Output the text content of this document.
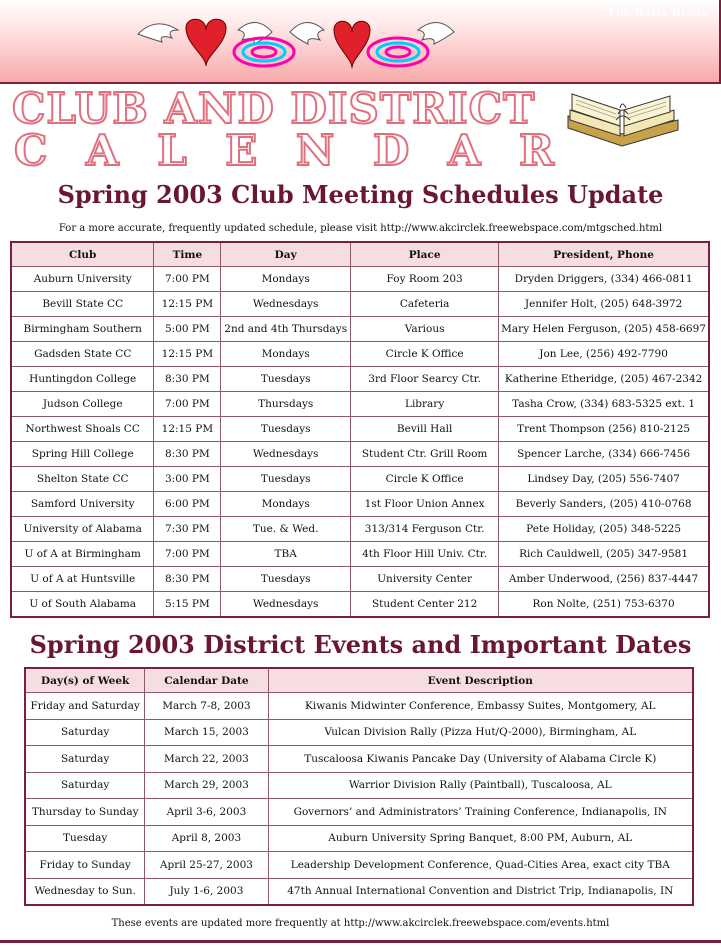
The Bama Bugle
CLUB AND DISTRICT
C A L E N D A R
Spring 2003 Club Meeting Schedules Update
For a more accurate, frequently updated schedule, please visit http://www.akcirclek.freewebspace.com/mtgsched.html
Club	Time	Day	Place	President, Phone
Auburn University	7:00 PM	Mondays	Foy Room 203	Dryden Driggers, (334) 466-0811
Bevill State CC	12:15 PM	Wednesdays	Cafeteria	Jennifer Holt, (205) 648-3972
Birmingham Southern	5:00 PM	2nd and 4th Thursdays	Various	Mary Helen Ferguson, (205) 458-6697
Gadsden State CC	12:15 PM	Mondays	Circle K Office	Jon Lee, (256) 492-7790
Huntingdon College	8:30 PM	Tuesdays	3rd Floor Searcy Ctr.	Katherine Etheridge, (205) 467-2342
Judson College	7:00 PM	Thursdays	Library	Tasha Crow, (334) 683-5325 ext. 1
Northwest Shoals CC	12:15 PM	Tuesdays	Bevill Hall	Trent Thompson (256) 810-2125
Spring Hill College	8:30 PM	Wednesdays	Student Ctr. Grill Room	Spencer Larche, (334) 666-7456
Shelton State CC	3:00 PM	Tuesdays	Circle K Office	Lindsey Day, (205) 556-7407
Samford University	6:00 PM	Mondays	1st Floor Union Annex	Beverly Sanders, (205) 410-0768
University of Alabama	7:30 PM	Tue. & Wed.	313/314 Ferguson Ctr.	Pete Holiday, (205) 348-5225
U of A at Birmingham	7:00 PM	TBA	4th Floor Hill Univ. Ctr.	Rich Cauldwell, (205) 347-9581
U of A at Huntsville	8:30 PM	Tuesdays	University Center	Amber Underwood, (256) 837-4447
U of South Alabama	5:15 PM	Wednesdays	Student Center 212	Ron Nolte, (251) 753-6370
Spring 2003 District Events and Important Dates
Day(s) of Week	Calendar Date	Event Description
Friday and Saturday	March 7-8, 2003	Kiwanis Midwinter Conference, Embassy Suites, Montgomery, AL
Saturday	March 15, 2003	Vulcan Division Rally (Pizza Hut/Q-2000), Birmingham, AL
Saturday	March 22, 2003	Tuscaloosa Kiwanis Pancake Day (University of Alabama Circle K)
Saturday	March 29, 2003	Warrior Division Rally (Paintball), Tuscaloosa, AL
Thursday to Sunday	April 3-6, 2003	Governors’ and Administrators’ Training Conference, Indianapolis, IN
Tuesday	April 8, 2003	Auburn University Spring Banquet, 8:00 PM, Auburn, AL
Friday to Sunday	April 25-27, 2003	Leadership Development Conference, Quad-Cities Area, exact city TBA
Wednesday to Sun.	July 1-6, 2003	47th Annual International Convention and District Trip, Indianapolis, IN
These events are updated more frequently at http://www.akcirclek.freewebspace.com/events.html
